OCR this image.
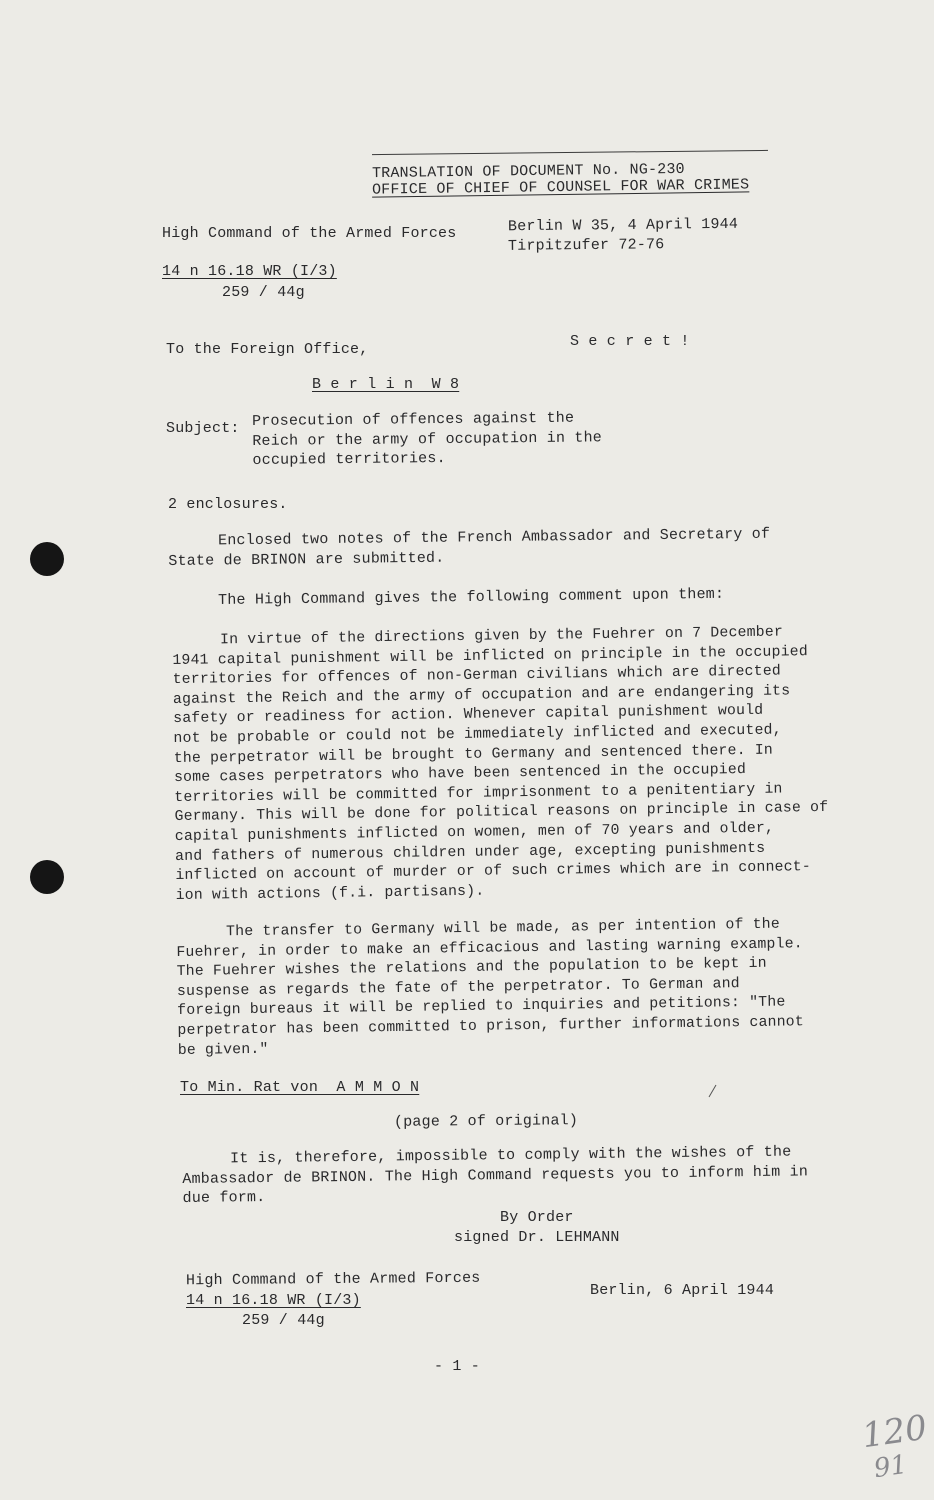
TRANSLATION OF DOCUMENT No. NG-230
OFFICE OF CHIEF OF COUNSEL FOR WAR CRIMES
High Command of the Armed Forces	Berlin W 35, 4 April 1944
Tirpitzufer 72-76
14 n 16.18 WR (I/3)
259 / 44g
To the Foreign Office,	S e c r e t !
B e r l i n  W 8
Subject: Prosecution of offences against the
Reich or the army of occupation in the
occupied territories.
2 enclosures.
Enclosed two notes of the French Ambassador and Secretary of
State de BRINON are submitted.
The High Command gives the following comment upon them:
In virtue of the directions given by the Fuehrer on 7 December
1941 capital punishment will be inflicted on principle in the occupied
territories for offences of non-German civilians which are directed
against the Reich and the army of occupation and are endangering its
safety or readiness for action. Whenever capital punishment would
not be probable or could not be immediately inflicted and executed,
the perpetrator will be brought to Germany and sentenced there. In
some cases perpetrators who have been sentenced in the occupied
territories will be committed for imprisonment to a penitentiary in
Germany. This will be done for political reasons on principle in case of
capital punishments inflicted on women, men of 70 years and older,
and fathers of numerous children under age, excepting punishments
inflicted on account of murder or of such crimes which are in connect-
ion with actions (f.i. partisans).
The transfer to Germany will be made, as per intention of the
Fuehrer, in order to make an efficacious and lasting warning example.
The Fuehrer wishes the relations and the population to be kept in
suspense as regards the fate of the perpetrator. To German and
foreign bureaus it will be replied to inquiries and petitions: "The
perpetrator has been committed to prison, further informations cannot
be given."
To Min. Rat von  A M M O N
(page 2 of original)
It is, therefore, impossible to comply with the wishes of the
Ambassador de BRINON. The High Command requests you to inform him in
due form.
By Order
signed Dr. LEHMANN
High Command of the Armed Forces
14 n 16.18 WR (I/3)
259 / 44g
Berlin, 6 April 1944
- 1 -
120
91
